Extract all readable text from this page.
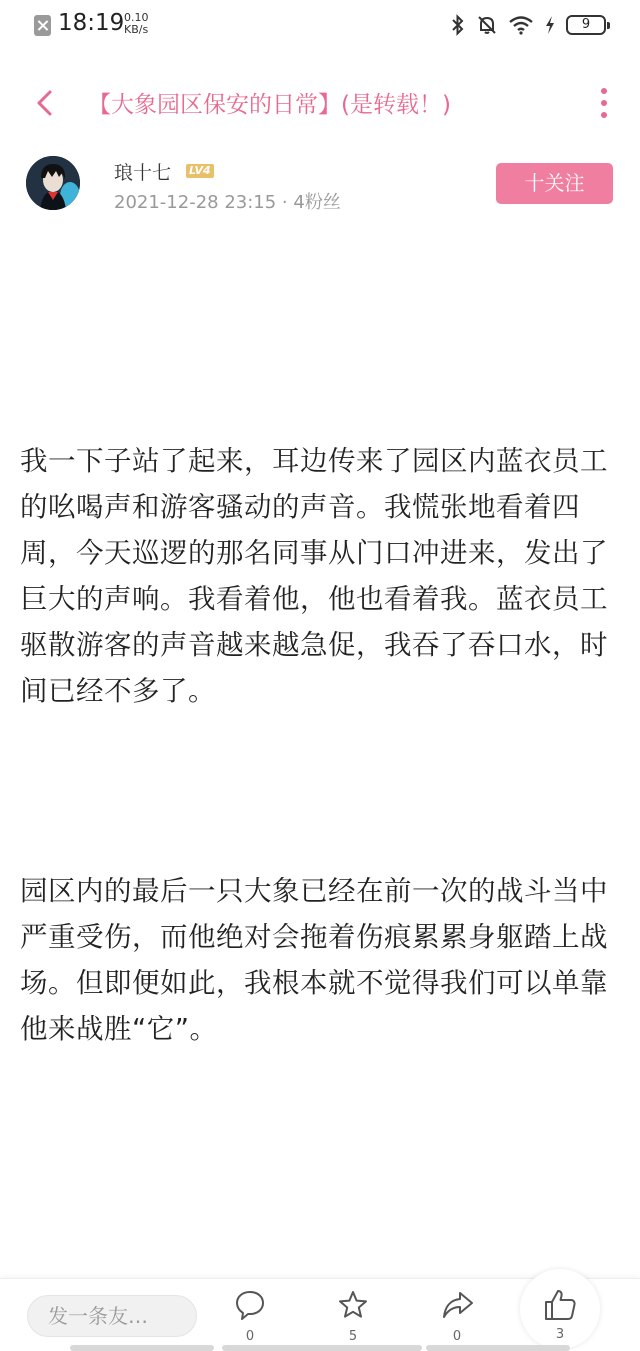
18:19 0.10 KB/s	9
【大象园区保安的日常】(是转载！)
琅十七 LV4
2021-12-28 23:15 · 4粉丝
十关注
我一下子站了起来，耳边传来了园区内蓝衣员工的吆喝声和游客骚动的声音。我慌张地看着四周，今天巡逻的那名同事从门口冲进来，发出了巨大的声响。我看着他，他也看着我。蓝衣员工驱散游客的声音越来越急促，我吞了吞口水，时间已经不多了。
园区内的最后一只大象已经在前一次的战斗当中严重受伤，而他绝对会拖着伤痕累累身躯踏上战场。但即便如此，我根本就不觉得我们可以单靠他来战胜“它”。
发一条友…
0	5	0	3
